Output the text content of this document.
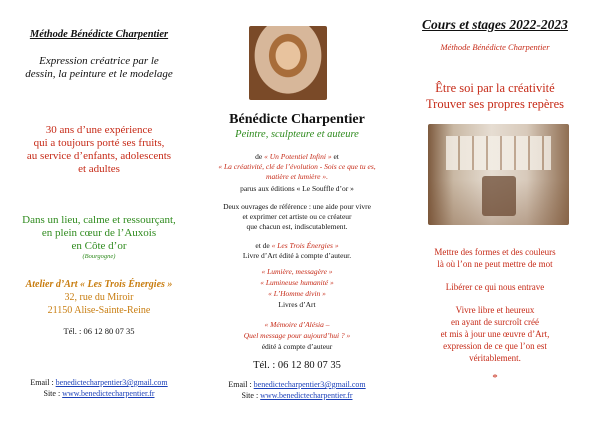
Méthode Bénédicte Charpentier
Expression créatrice par le
dessin, la peinture et le modelage
30 ans d’une expérience
qui a toujours porté ses fruits,
au service d’enfants, adolescents
et adultes
Dans un lieu, calme et ressourçant,
en plein cœur de l’Auxois
en Côte d’or
(Bourgogne)
Atelier d’Art « Les Trois Énergies »
32, rue du Miroir
21150 Alise-Sainte-Reine
Tél. : 06 12 80 07 35
Email : benedictecharpentier3@gmail.com
Site : www.benedictecharpentier.fr
Bénédicte Charpentier
Peintre, sculpteure et auteure
de « Un Potentiel Infini » et
« La créativité, clé de l’évolution - Sois ce que tu es,
matière et lumière ».
parus aux éditions « Le Souffle d’or »
Deux ouvrages de référence : une aide pour vivre
et exprimer cet artiste ou ce créateur
que chacun est, indiscutablement.
et de « Les Trois Énergies »
Livre d’Art édité à compte d’auteur.
« Lumière, messagère »
« Lumineuse humanité »
« L’Homme divin »
Livres d’Art
« Mémoire d’Alésia –
Quel message pour aujourd’hui ? »
édité à compte d’auteur
Tél. : 06 12 80 07 35
Email : benedictecharpentier3@gmail.com
Site : www.benedictecharpentier.fr
Cours et stages 2022-2023
Méthode Bénédicte Charpentier
Être soi par la créativité
Trouver ses propres repères
Mettre des formes et des couleurs
là où l’on ne peut mettre de mot
Libérer ce qui nous entrave
Vivre libre et heureux
en ayant de surcroît créé
et mis à jour une œuvre d’Art,
expression de ce que l’on est
véritablement.
*
